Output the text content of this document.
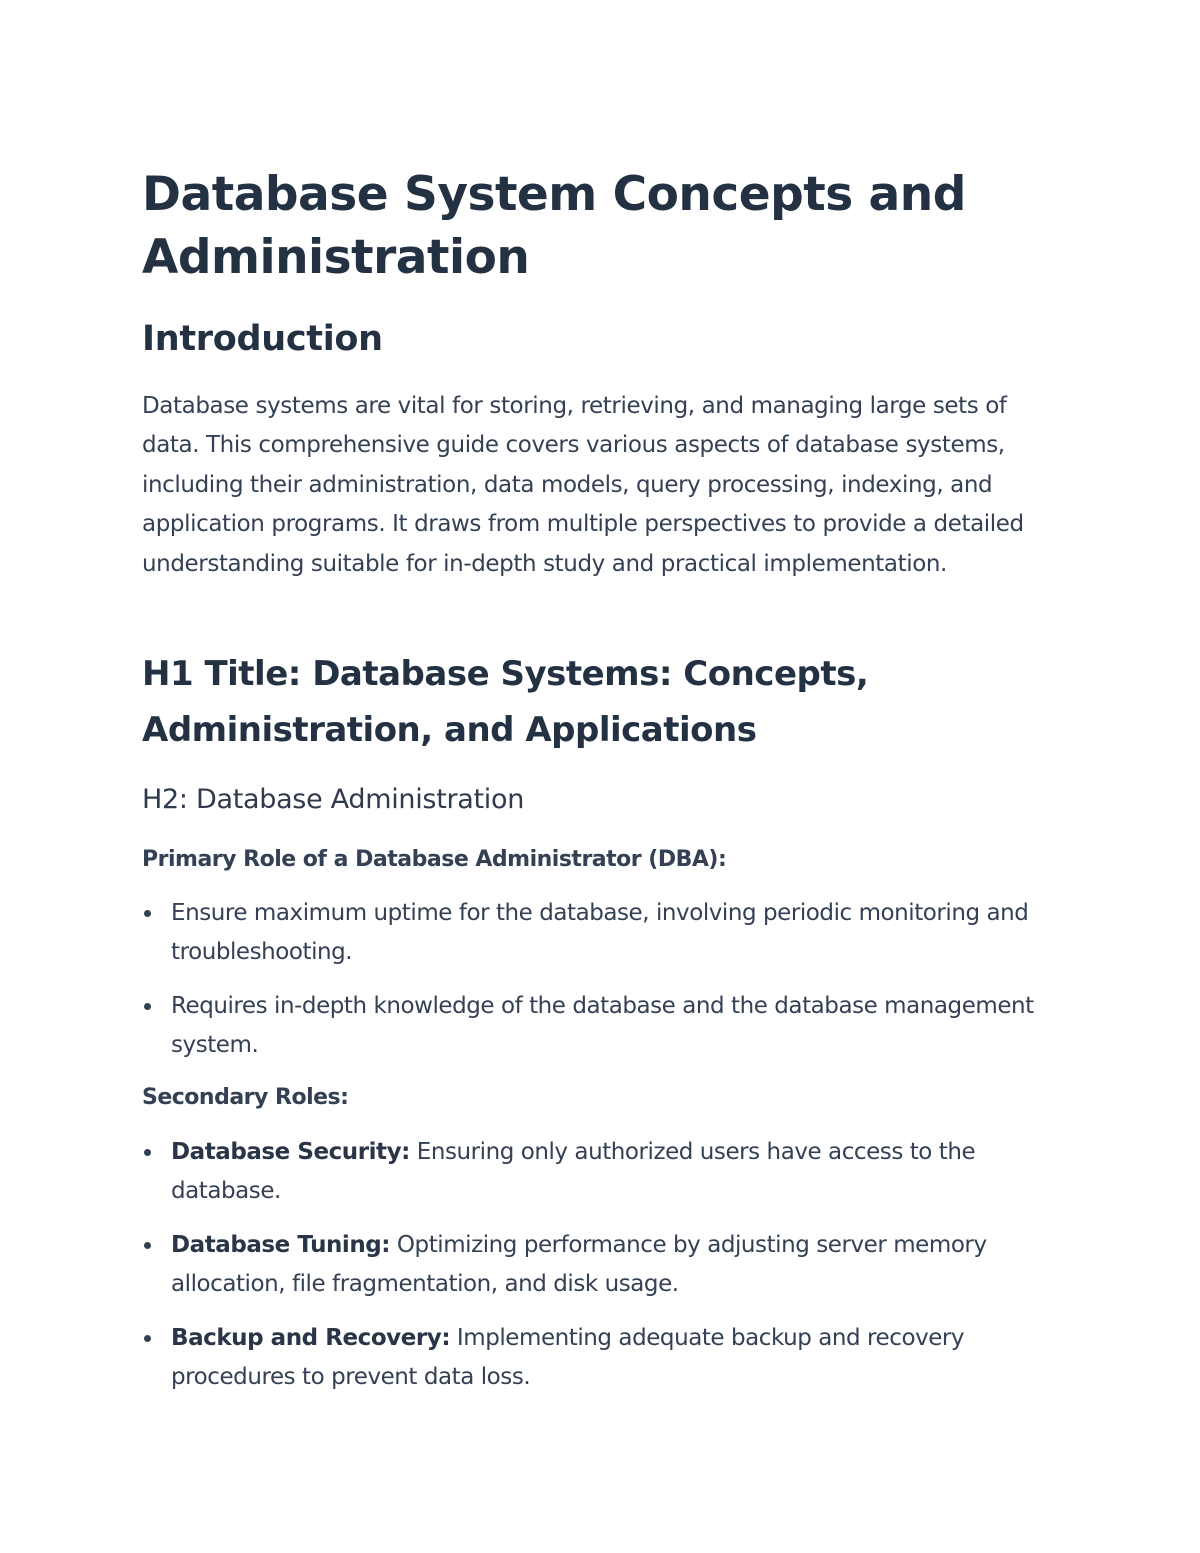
Database System Concepts and Administration
Introduction

Database systems are vital for storing, retrieving, and managing large sets of data. This comprehensive guide covers various aspects of database systems, including their administration, data models, query processing, indexing, and application programs. It draws from multiple perspectives to provide a detailed understanding suitable for in-depth study and practical implementation.

H1 Title: Database Systems: Concepts, Administration, and Applications
H2: Database Administration

Primary Role of a Database Administrator (DBA):

Ensure maximum uptime for the database, involving periodic monitoring and troubleshooting.
Requires in-depth knowledge of the database and the database management system.

Secondary Roles:

Database Security: Ensuring only authorized users have access to the database.
Database Tuning: Optimizing performance by adjusting server memory allocation, file fragmentation, and disk usage.
Backup and Recovery: Implementing adequate backup and recovery procedures to prevent data loss.
